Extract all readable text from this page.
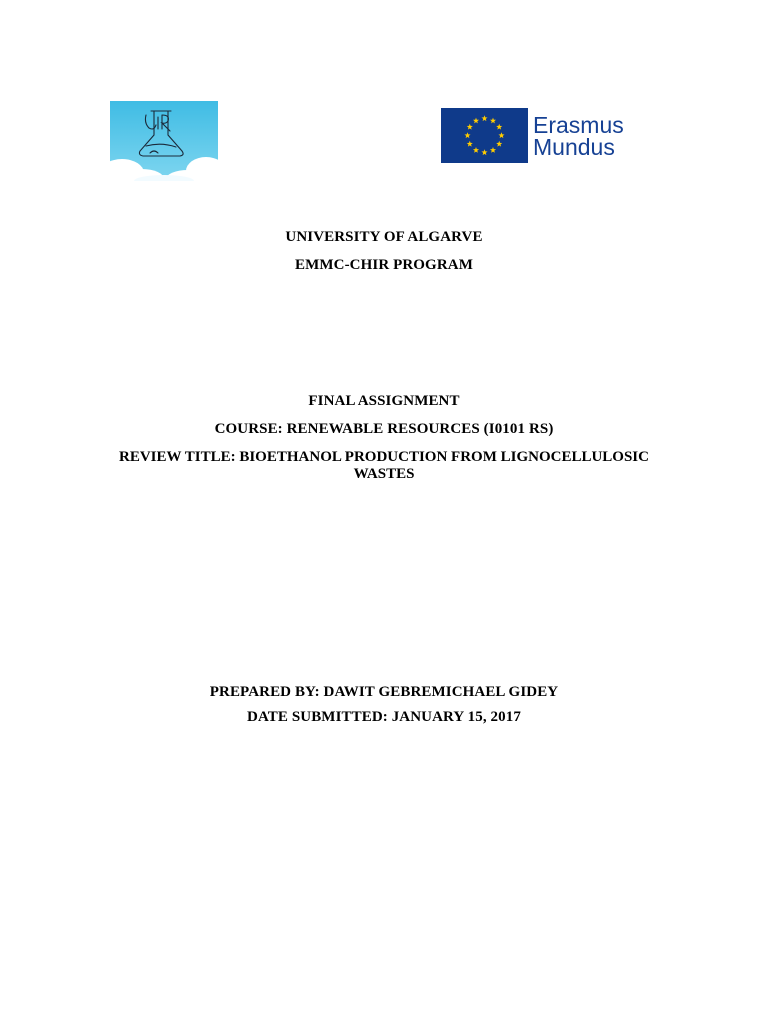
Erasmus
Mundus
UNIVERSITY OF ALGARVE
EMMC-CHIR PROGRAM
FINAL ASSIGNMENT
COURSE: RENEWABLE RESOURCES (I0101 RS)
REVIEW TITLE: BIOETHANOL PRODUCTION FROM LIGNOCELLULOSIC WASTES
PREPARED BY: DAWIT GEBREMICHAEL GIDEY
DATE SUBMITTED: JANUARY 15, 2017
